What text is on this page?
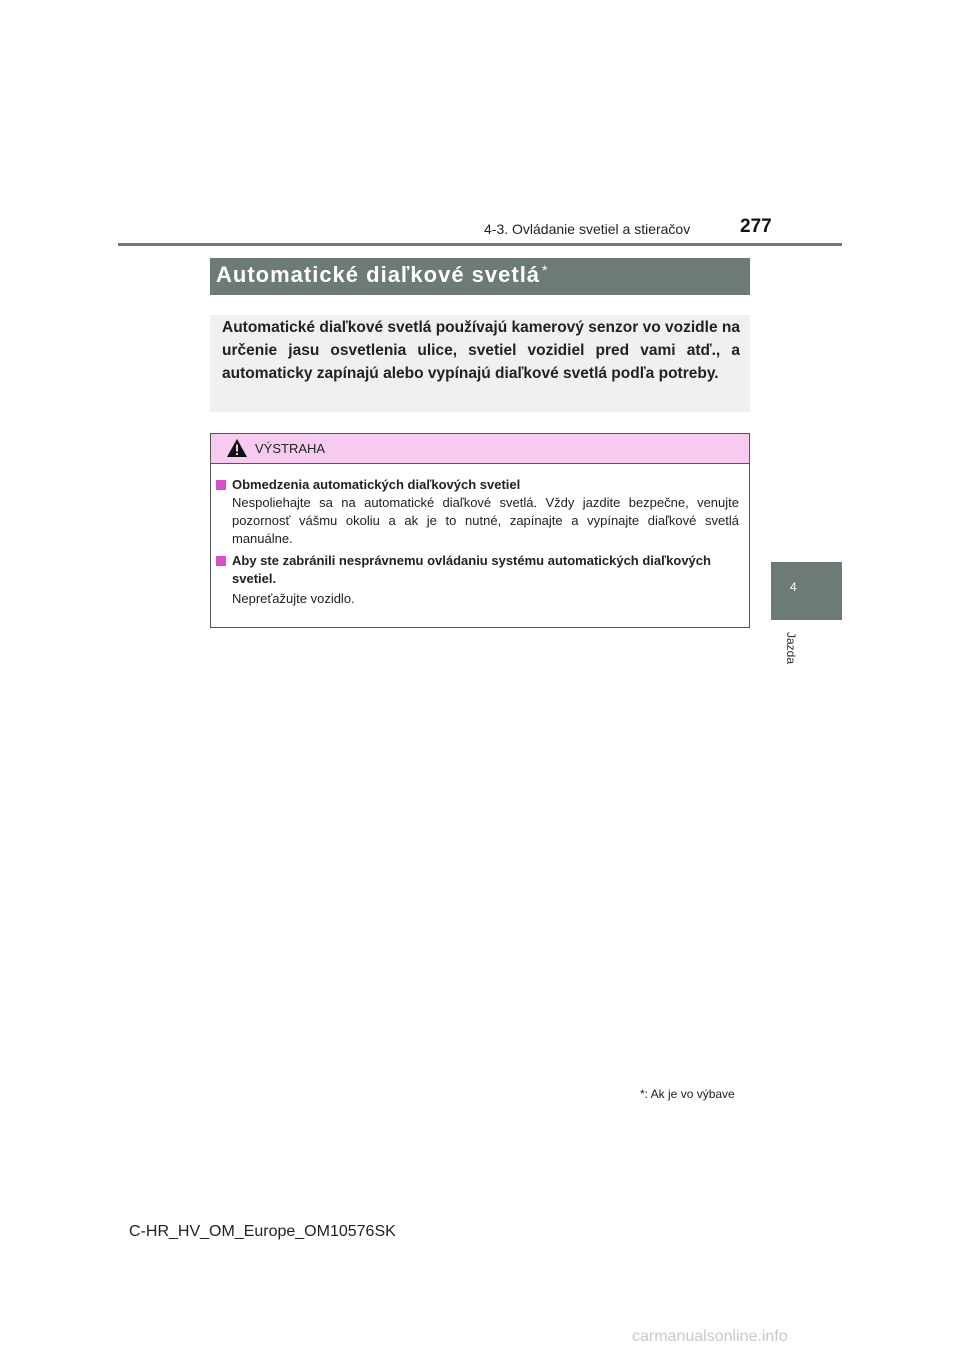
4-3. Ovládanie svetiel a stieračov	277
4
Jazda
Automatické diaľkové svetlá *
Automatické diaľkové svetlá používajú kamerový senzor vo vozidle na určenie jasu osvetlenia ulice, svetiel vozidiel pred vami atď., a automaticky zapínajú alebo vypínajú diaľkové svetlá podľa potreby.
VÝSTRAHA
Obmedzenia automatických diaľkových svetiel
Nespoliehajte sa na automatické diaľkové svetlá. Vždy jazdite bezpečne, venujte pozornosť vášmu okoliu a ak je to nutné, zapínajte a vypínajte diaľkové svetlá manuálne.
Aby ste zabránili nesprávnemu ovládaniu systému automatických diaľkových svetiel.
Nepreťažujte vozidlo.
*: Ak je vo výbave
C-HR_HV_OM_Europe_OM10576SK
carmanualsonline.info
